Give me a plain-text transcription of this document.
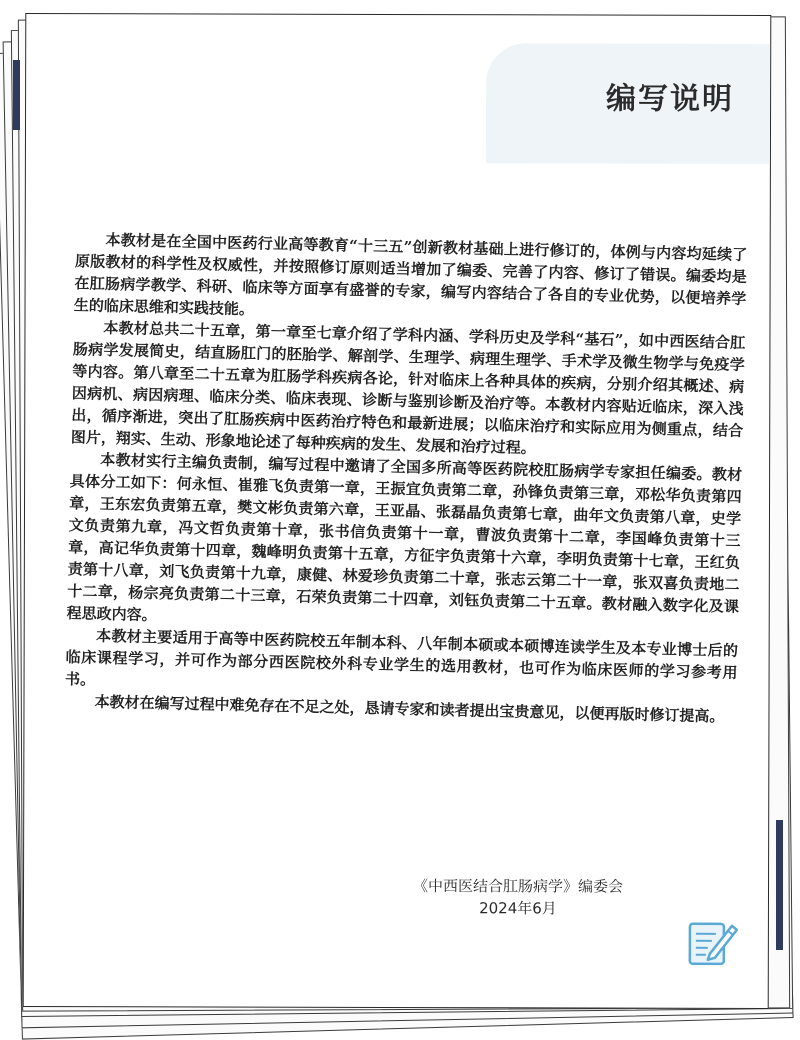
编写说明

本教材是在全国中医药行业高等教育“十三五”创新教材基础上进行修订的，体例与内容均延续了原版教材的科学性及权威性，并按照修订原则适当增加了编委、完善了内容、修订了错误。编委均是在肛肠病学教学、科研、临床等方面享有盛誉的专家，编写内容结合了各自的专业优势，以便培养学生的临床思维和实践技能。

本教材总共二十五章，第一章至七章介绍了学科内涵、学科历史及学科“基石”，如中西医结合肛肠病学发展简史，结直肠肛门的胚胎学、解剖学、生理学、病理生理学、手术学及微生物学与免疫学等内容。第八章至二十五章为肛肠学科疾病各论，针对临床上各种具体的疾病，分别介绍其概述、病因病机、病因病理、临床分类、临床表现、诊断与鉴别诊断及治疗等。本教材内容贴近临床，深入浅出，循序渐进，突出了肛肠疾病中医药治疗特色和最新进展；以临床治疗和实际应用为侧重点，结合图片，翔实、生动、形象地论述了每种疾病的发生、发展和治疗过程。

本教材实行主编负责制，编写过程中邀请了全国多所高等医药院校肛肠病学专家担任编委。教材具体分工如下：何永恒、崔雅飞负责第一章，王振宜负责第二章，孙锋负责第三章，邓松华负责第四章，王东宏负责第五章，樊文彬负责第六章，王亚晶、张磊晶负责第七章，曲年文负责第八章，史学文负责第九章，冯文哲负责第十章，张书信负责第十一章，曹波负责第十二章，李国峰负责第十三章，高记华负责第十四章，魏峰明负责第十五章，方征宇负责第十六章，李明负责第十七章，王红负责第十八章，刘飞负责第十九章，康健、林爱珍负责第二十章，张志云第二十一章，张双喜负责地二十二章，杨宗亮负责第二十三章，石荣负责第二十四章，刘钰负责第二十五章。教材融入数字化及课程思政内容。

本教材主要适用于高等中医药院校五年制本科、八年制本硕或本硕博连读学生及本专业博士后的临床课程学习，并可作为部分西医院校外科专业学生的选用教材，也可作为临床医师的学习参考用书。

本教材在编写过程中难免存在不足之处，恳请专家和读者提出宝贵意见，以便再版时修订提高。

《中西医结合肛肠病学》编委会
2024年6月
